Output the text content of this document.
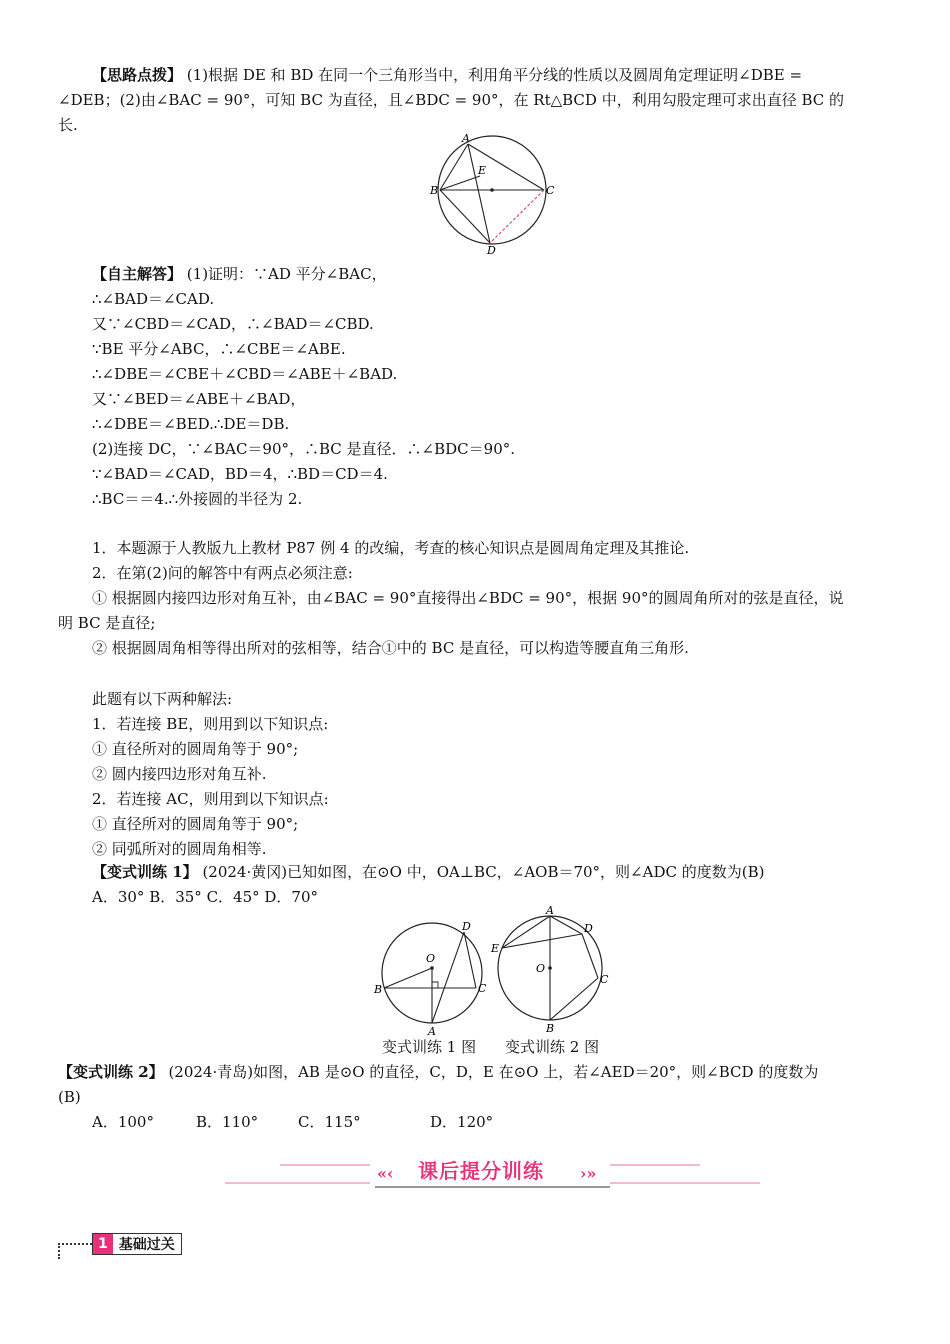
【思路点拨】 (1)根据 DE 和 BD 在同一个三角形当中，利用角平分线的性质以及圆周角定理证明∠DBE =
∠DEB；(2)由∠BAC = 90°，可知 BC 为直径，且∠BDC = 90°，在 Rt△BCD 中，利用勾股定理可求出直径 BC 的
长.
A
E
B	C
D
【自主解答】 (1)证明：∵AD 平分∠BAC，
∴∠BAD＝∠CAD.
又∵∠CBD＝∠CAD，∴∠BAD＝∠CBD.
∵BE 平分∠ABC，∴∠CBE＝∠ABE.
∴∠DBE＝∠CBE＋∠CBD＝∠ABE＋∠BAD.
又∵∠BED＝∠ABE＋∠BAD，
∴∠DBE＝∠BED.∴DE＝DB.
(2)连接 DC，∵∠BAC＝90°，∴BC 是直径．∴∠BDC＝90°.
∵∠BAD＝∠CAD，BD＝4，∴BD＝CD＝4.
∴BC＝＝4.∴外接圆的半径为 2.
1．本题源于人教版九上教材 P87 例 4 的改编，考查的核心知识点是圆周角定理及其推论.
2．在第(2)问的解答中有两点必须注意:
① 根据圆内接四边形对角互补，由∠BAC = 90°直接得出∠BDC = 90°，根据 90°的圆周角所对的弦是直径，说
明 BC 是直径;
② 根据圆周角相等得出所对的弦相等，结合①中的 BC 是直径，可以构造等腰直角三角形.
此题有以下两种解法:
1．若连接 BE，则用到以下知识点:
① 直径所对的圆周角等于 90°;
② 圆内接四边形对角互补.
2．若连接 AC，则用到以下知识点:
① 直径所对的圆周角等于 90°;
② 同弧所对的圆周角相等.
【变式训练 1】 (2024·黄冈)已知如图，在⊙O 中，OA⊥BC，∠AOB＝70°，则∠ADC 的度数为(B)
A．30° B．35° C．45° D．70°
D
O
B	C
A
A
D
E
O
C
B
变式训练 1 图 变式训练 2 图
【变式训练 2】 (2024·青岛)如图，AB 是⊙O 的直径，C，D，E 在⊙O 上，若∠AED＝20°，则∠BCD 的度数为
(B)
A．100°	B．110°	C．115°	D．120°
«‹	›»
课后提分训练
1 基础过关
